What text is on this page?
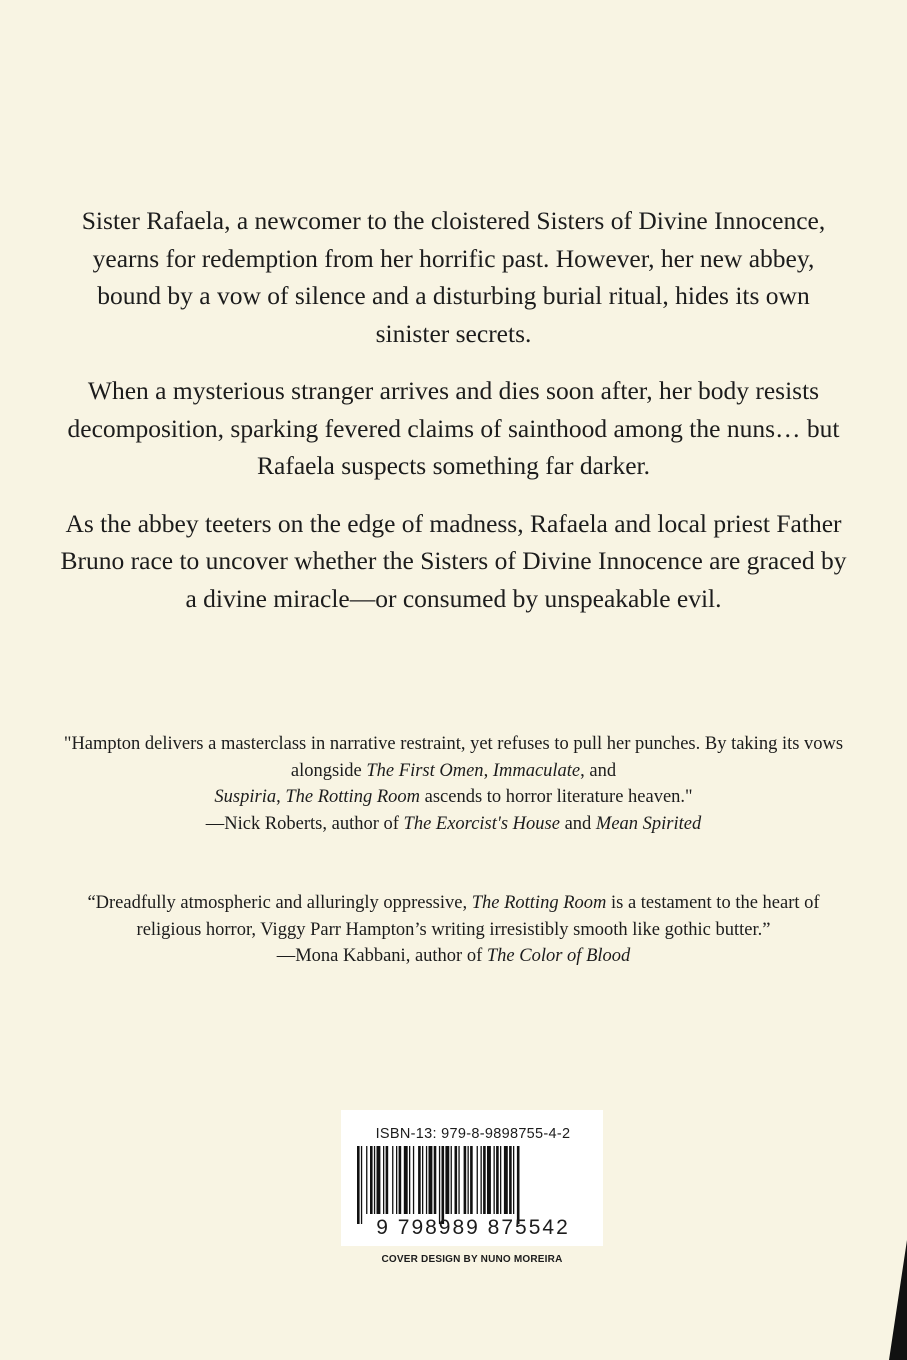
Sister Rafaela, a newcomer to the cloistered Sisters of Divine Innocence, yearns for redemption from her horrific past. However, her new abbey, bound by a vow of silence and a disturbing burial ritual, hides its own sinister secrets.

When a mysterious stranger arrives and dies soon after, her body resists decomposition, sparking fevered claims of sainthood among the nuns… but Rafaela suspects something far darker.

As the abbey teeters on the edge of madness, Rafaela and local priest Father Bruno race to uncover whether the Sisters of Divine Innocence are graced by a divine miracle—or consumed by unspeakable evil.

"Hampton delivers a masterclass in narrative restraint, yet refuses to pull her punches. By taking its vows alongside The First Omen, Immaculate, and
Suspiria, The Rotting Room ascends to horror literature heaven."

—Nick Roberts, author of The Exorcist's House and Mean Spirited

“Dreadfully atmospheric and alluringly oppressive, The Rotting Room is a testament to the heart of religious horror, Viggy Parr Hampton’s writing irresistibly smooth like gothic butter.”

—Mona Kabbani, author of The Color of Blood

ISBN-13: 979-8-9898755-4-2
9 798989 875542
COVER DESIGN BY NUNO MOREIRA
